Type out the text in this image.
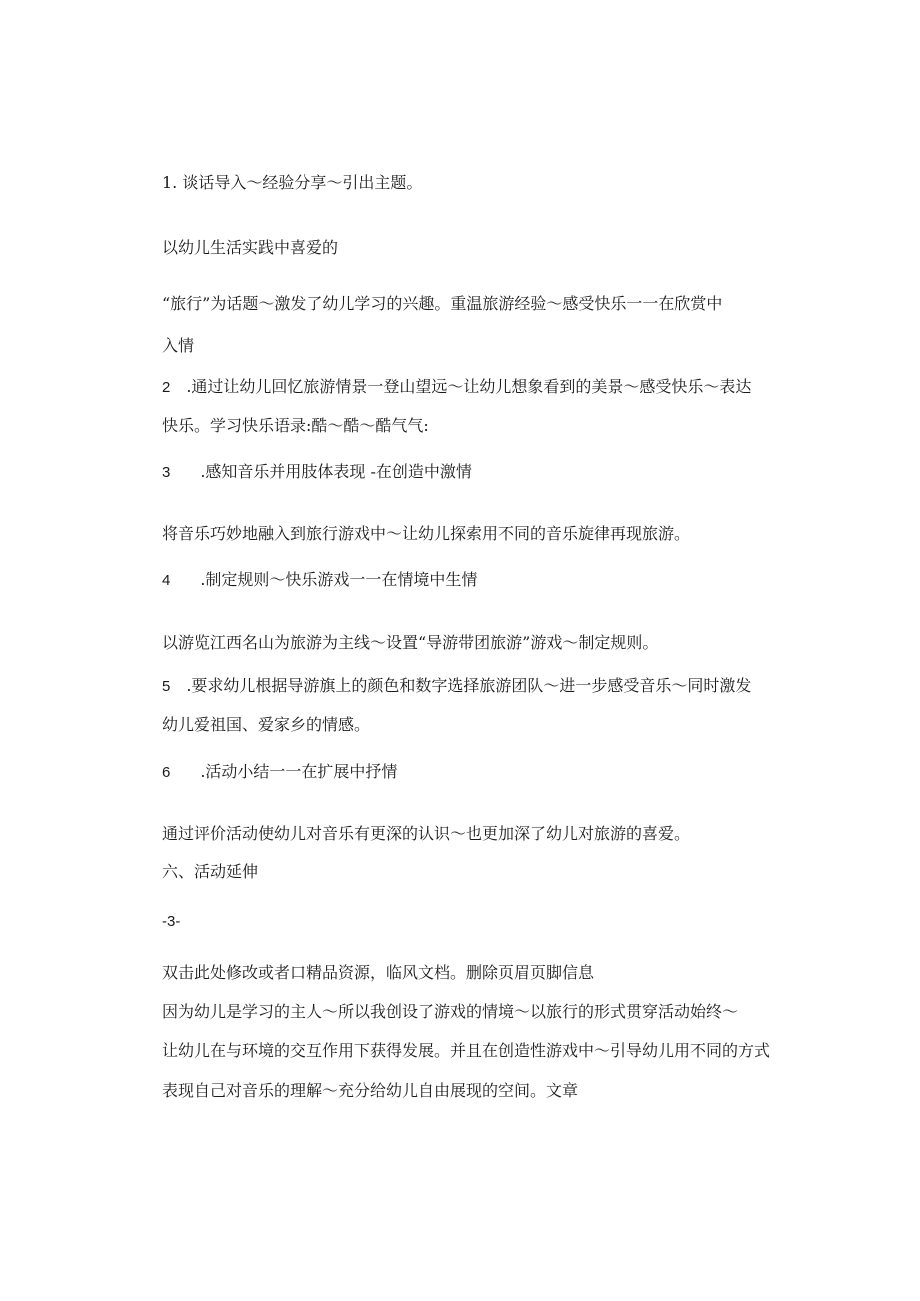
1. 谈话导入～经验分享～引出主题。
以幼儿生活实践中喜爱的
“旅行”为话题～激发了幼儿学习的兴趣。重温旅游经验～感受快乐一一在欣赏中
入情
2 .通过让幼儿回忆旅游情景一登山望远～让幼儿想象看到的美景～感受快乐～表达
快乐。学习快乐语录:酷～酷～酷气气:
3 .感知音乐并用肢体表现 -在创造中激情
将音乐巧妙地融入到旅行游戏中～让幼儿探索用不同的音乐旋律再现旅游。
4 .制定规则～快乐游戏一一在情境中生情
以游览江西名山为旅游为主线～设置“导游带团旅游”游戏～制定规则。
5 .要求幼儿根据导游旗上的颜色和数字选择旅游团队～进一步感受音乐～同时激发
幼儿爱祖国、爱家乡的情感。
6 .活动小结一一在扩展中抒情
通过评价活动使幼儿对音乐有更深的认识～也更加深了幼儿对旅游的喜爱。
六、活动延伸
-3-
双击此处修改或者口精品资源，临风文档。删除页眉页脚信息
因为幼儿是学习的主人～所以我创设了游戏的情境～以旅行的形式贯穿活动始终～
让幼儿在与环境的交互作用下获得发展。并且在创造性游戏中～引导幼儿用不同的方式
表现自己对音乐的理解～充分给幼儿自由展现的空间。文章
